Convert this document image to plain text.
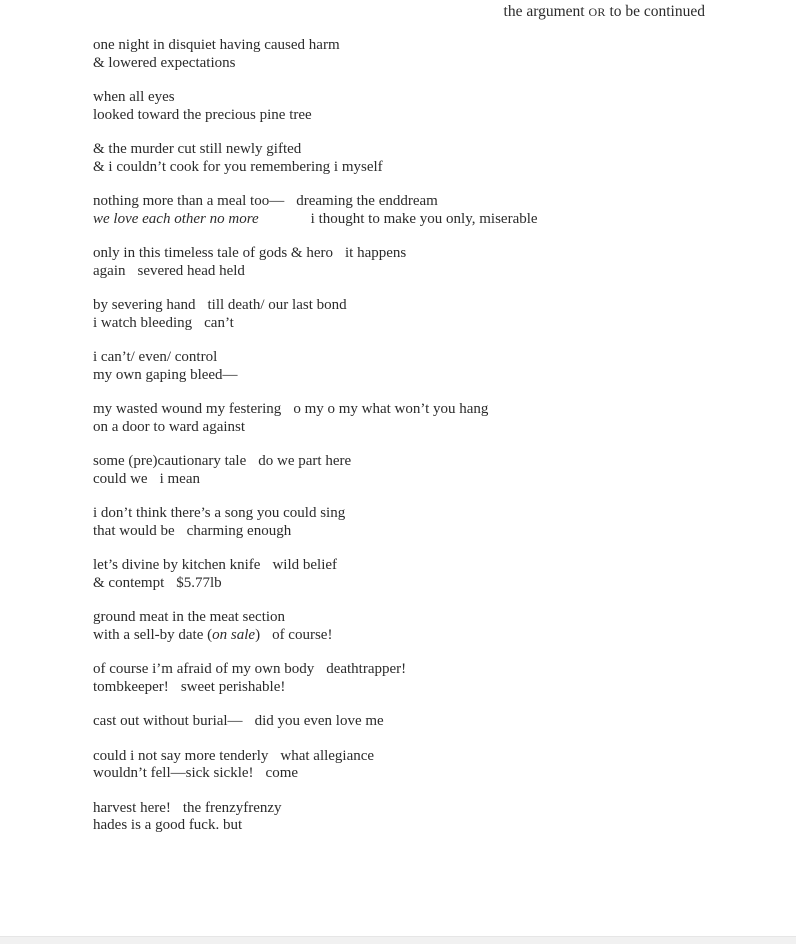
the argument OR to be continued
one night in disquiet having caused harm
& lowered expectations
when all eyes
looked toward the precious pine tree
& the murder cut still newly gifted
& i couldn’t cook for you remembering i myself
nothing more than a meal too— dreaming the enddream
we love each other no more	i thought to make you only, miserable
only in this timeless tale of gods & hero it happens
again severed head held
by severing hand till death/ our last bond
i watch bleeding can’t
i can’t/ even/ control
my own gaping bleed—
my wasted wound my festering o my o my what won’t you hang
on a door to ward against
some (pre)cautionary tale do we part here
could we i mean
i don’t think there’s a song you could sing
that would be charming enough
let’s divine by kitchen knife wild belief
& contempt $5.77lb
ground meat in the meat section
with a sell-by date (on sale) of course!
of course i’m afraid of my own body deathtrapper!
tombkeeper! sweet perishable!
cast out without burial— did you even love me
could i not say more tenderly what allegiance
wouldn’t fell—sick sickle! come
harvest here! the frenzyfrenzy
hades is a good fuck. but
